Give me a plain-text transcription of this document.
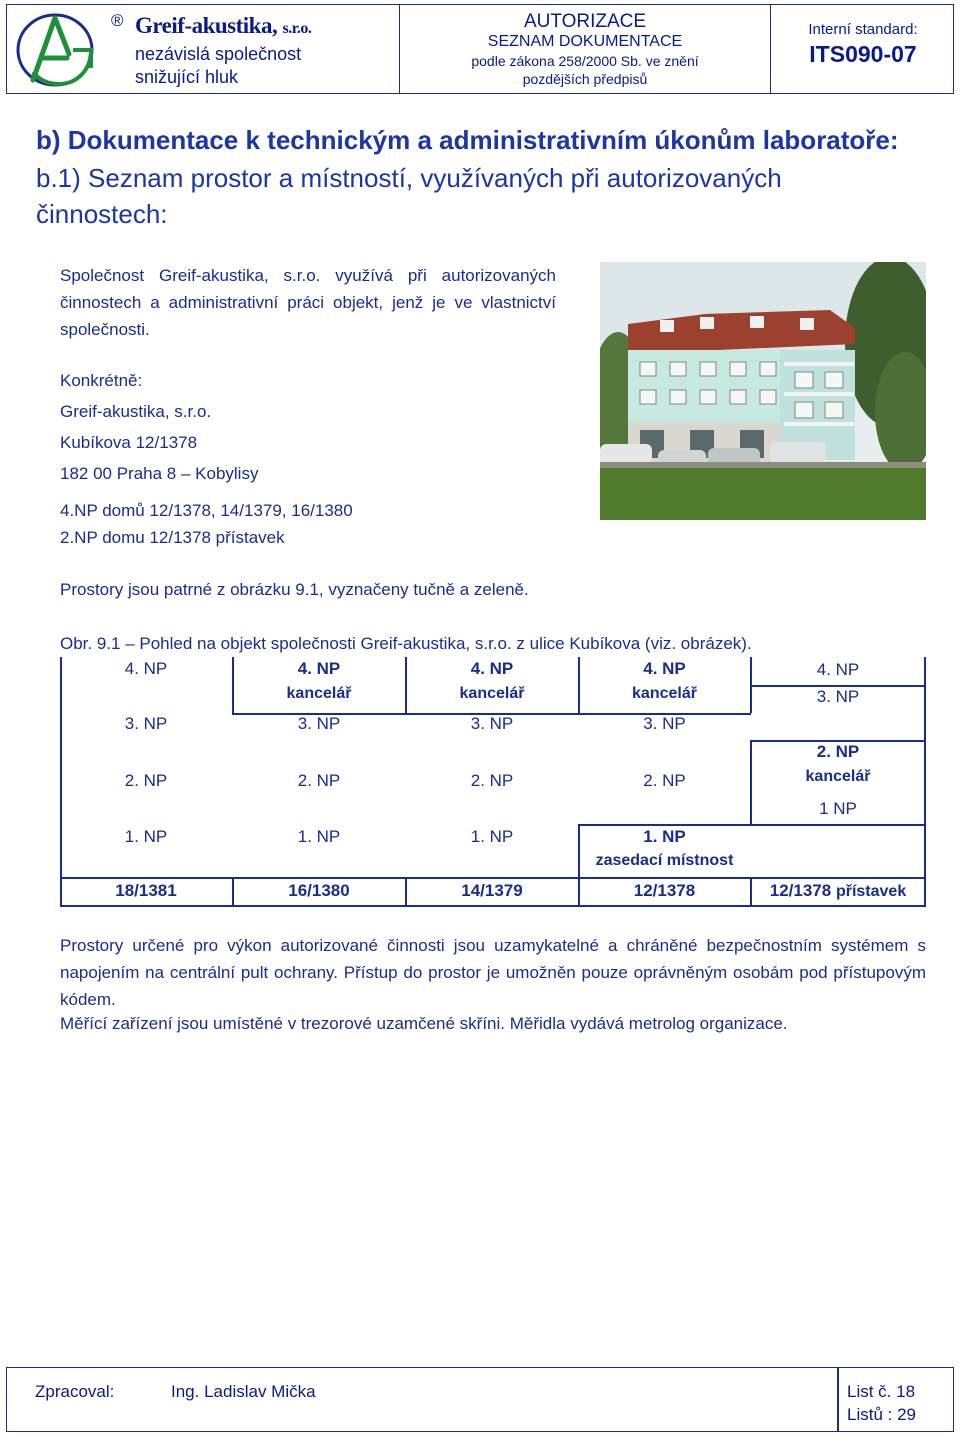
® Greif-akustika, s.r.o.
nezávislá společnost
snižující hluk
AUTORIZACE
SEZNAM DOKUMENTACE
podle zákona 258/2000 Sb. ve znění
pozdějších předpisů
Interní standard:
ITS090-07
b) Dokumentace k technickým a administrativním úkonům laboratoře:
b.1) Seznam prostor a místností, využívaných při autorizovaných
činnostech:
Společnost Greif-akustika, s.r.o. využívá při autorizovaných činnostech a administrativní práci objekt, jenž je ve vlastnictví společnosti.
Konkrétně:
Greif-akustika, s.r.o.
Kubíkova 12/1378
182 00 Praha 8 – Kobylisy
4.NP domů 12/1378, 14/1379, 16/1380
2.NP domu 12/1378 přístavek
Prostory jsou patrné z obrázku 9.1, vyznačeny tučně a zeleně.
Obr. 9.1 – Pohled na objekt společnosti Greif-akustika, s.r.o. z ulice Kubíkova (viz. obrázek).
4. NP
3. NP
2. NP
1. NP
18/1381
4. NP
kancelář
3. NP
2. NP
1. NP
16/1380
4. NP
kancelář
3. NP
2. NP
1. NP
14/1379
4. NP
kancelář
3. NP
2. NP
1. NP
zasedací místnost
12/1378
4. NP
3. NP
2. NP
kancelář
1 NP
12/1378 přístavek
Prostory určené pro výkon autorizované činnosti jsou uzamykatelné a chráněné bezpečnostním systémem s napojením na centrální pult ochrany. Přístup do prostor je umožněn pouze oprávněným osobám pod přístupovým kódem.
Měřící zařízení jsou umístěné v trezorové uzamčené skříni. Měřidla vydává metrolog organizace.
Zpracoval:	Ing. Ladislav Mička	List č. 18
Listů : 29
